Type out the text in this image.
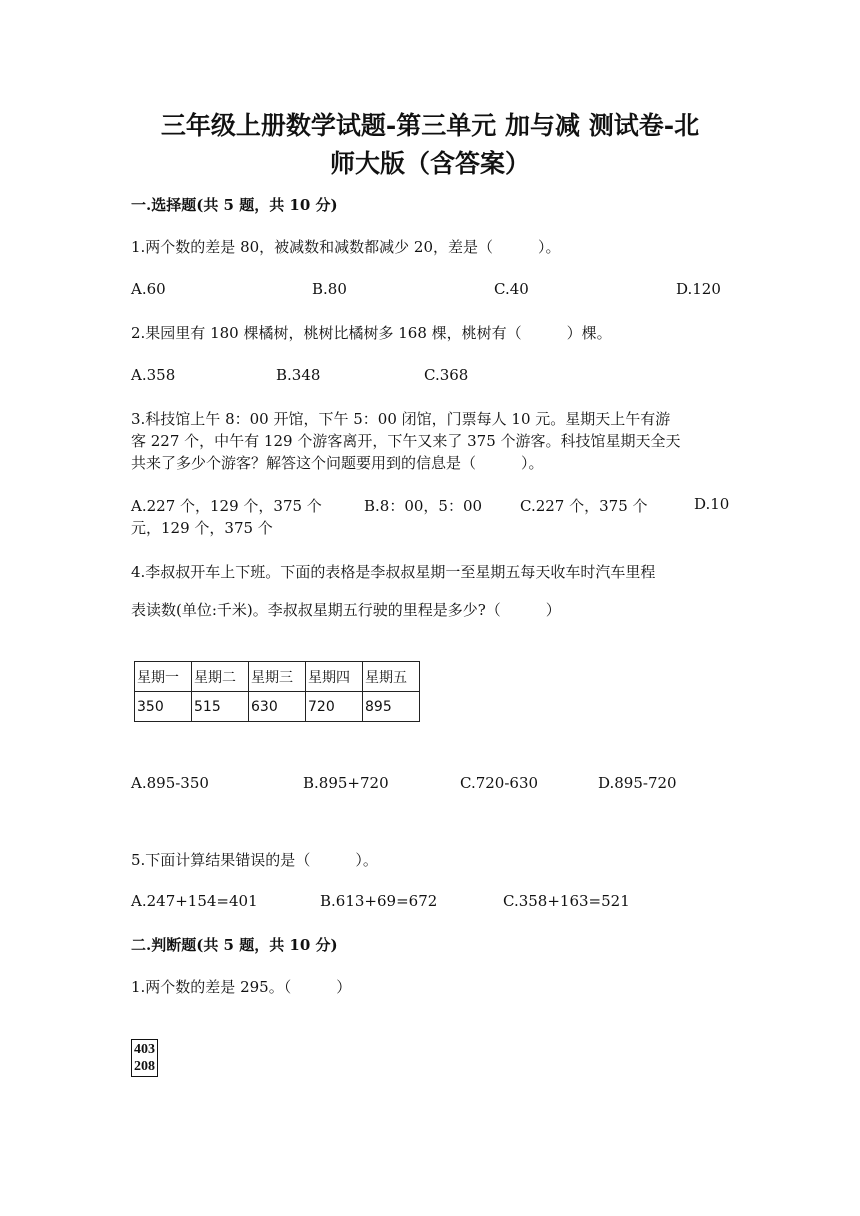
三年级上册数学试题-第三单元 加与减 测试卷-北
师大版（含答案）
一.选择题(共 5 题，共 10 分)
1.两个数的差是 80，被减数和减数都减少 20，差是（　　　）。
A.60	B.80	C.40	D.120
2.果园里有 180 棵橘树，桃树比橘树多 168 棵，桃树有（　　　）棵。
A.358	B.348	C.368
3.科技馆上午 8：00 开馆，下午 5：00 闭馆，门票每人 10 元。星期天上午有游
客 227 个，中午有 129 个游客离开，下午又来了 375 个游客。科技馆星期天全天
共来了多少个游客？解答这个问题要用到的信息是（　　　）。
A.227 个，129 个，375 个	B.8：00，5：00	C.227 个，375 个	D.10
元，129 个，375 个
4.李叔叔开车上下班。下面的表格是李叔叔星期一至星期五每天收车时汽车里程
表读数(单位:千米)。李叔叔星期五行驶的里程是多少?（　　　）
星期一	星期二	星期三	星期四	星期五
350	515	630	720	895
A.895-350	B.895+720	C.720-630	D.895-720
5.下面计算结果错误的是（　　　）。
A.247+154=401	B.613+69=672	C.358+163=521
二.判断题(共 5 题，共 10 分)
1.两个数的差是 295。（　　　）
403
208
